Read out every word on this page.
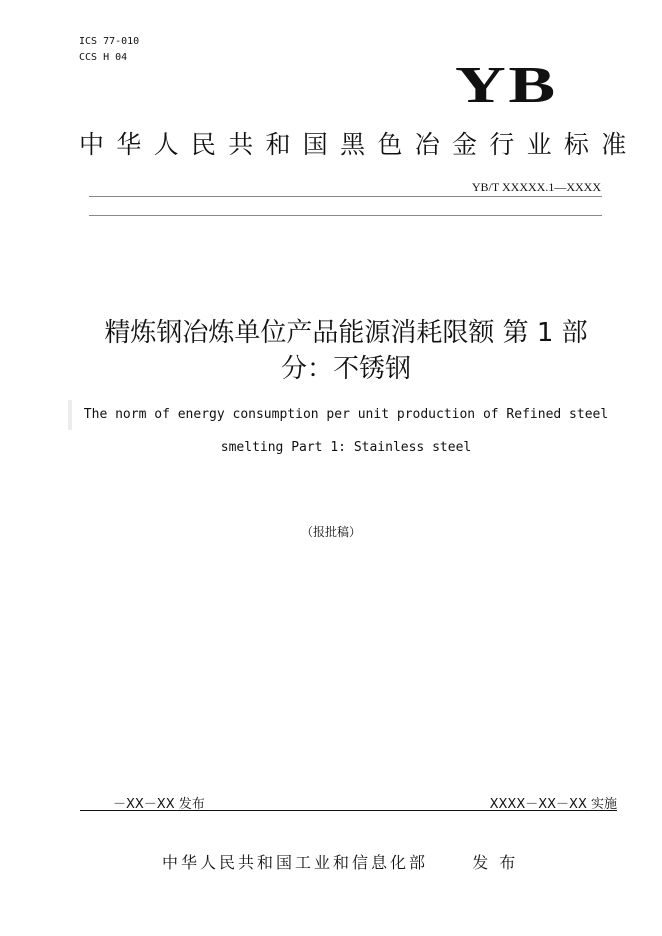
ICS 77-010
CCS H 04	YB
中华人民共和国黑色冶金行业标准
YB/T XXXXX.1—XXXX
精炼钢冶炼单位产品能源消耗限额 第 1 部
分：不锈钢
The norm of energy consumption per unit production of Refined steel
smelting Part 1: Stainless steel
（报批稿）
－XX－XX 发布	XXXX－XX－XX 实施
中华人民共和国工业和信息化部	发 布
